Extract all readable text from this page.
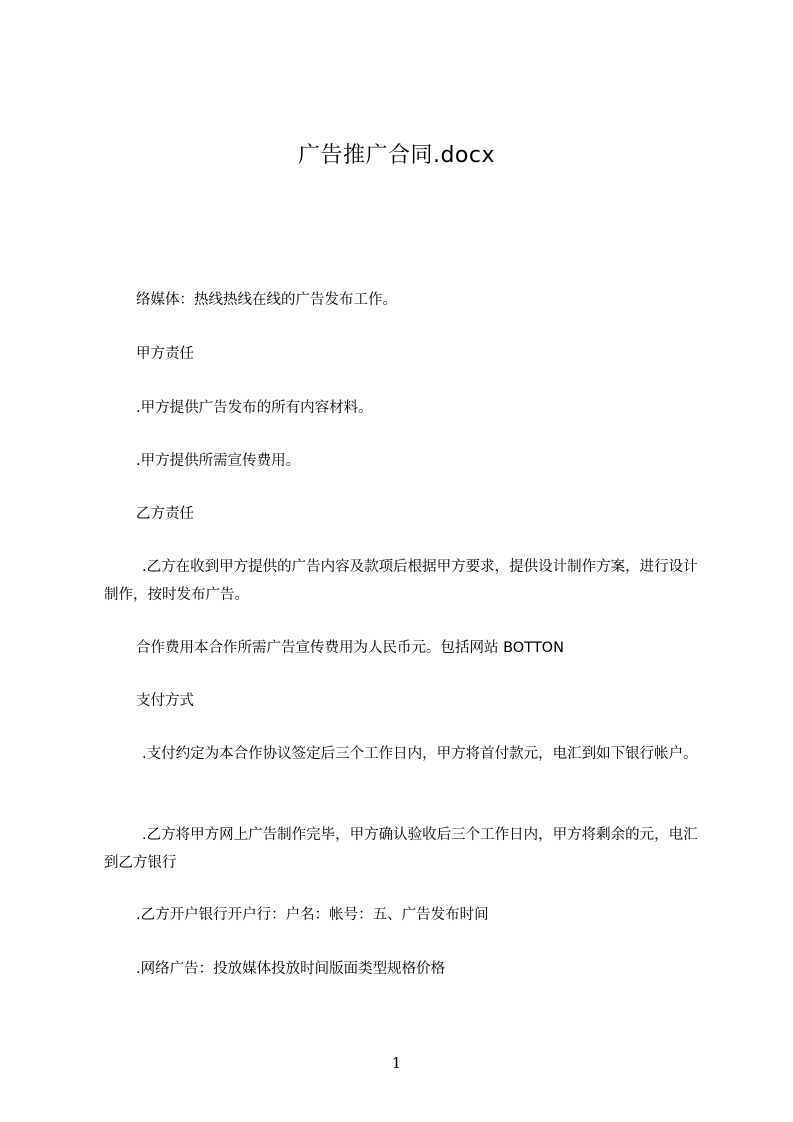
广告推广合同.docx

络媒体：热线热线在线的广告发布工作。

甲方责任

.甲方提供广告发布的所有内容材料。

.甲方提供所需宣传费用。

乙方责任

.乙方在收到甲方提供的广告内容及款项后根据甲方要求，提供设计制作方案，进行设计制作，按时发布广告。

合作费用本合作所需广告宣传费用为人民币元。包括网站 BOTTON

支付方式

.支付约定为本合作协议签定后三个工作日内，甲方将首付款元，电汇到如下银行帐户。

.乙方将甲方网上广告制作完毕，甲方确认验收后三个工作日内，甲方将剩余的元，电汇到乙方银行

.乙方开户银行开户行：户名：帐号：五、广告发布时间

.网络广告：投放媒体投放时间版面类型规格价格

1
